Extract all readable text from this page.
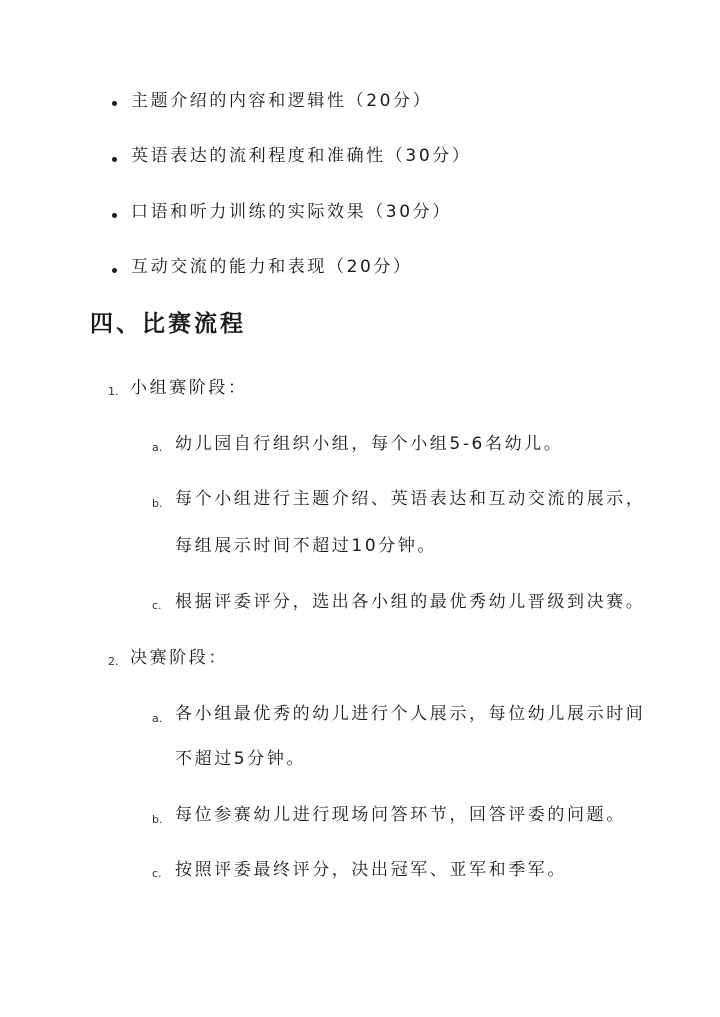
主题介绍的内容和逻辑性（20分）
英语表达的流利程度和准确性（30分）
口语和听力训练的实际效果（30分）
互动交流的能力和表现（20分）
四、比赛流程
1. 小组赛阶段：
a. 幼儿园自行组织小组，每个小组5-6名幼儿。
b. 每个小组进行主题介绍、英语表达和互动交流的展示，
每组展示时间不超过10分钟。
c. 根据评委评分，选出各小组的最优秀幼儿晋级到决赛。
2. 决赛阶段：
a. 各小组最优秀的幼儿进行个人展示，每位幼儿展示时间
不超过5分钟。
b. 每位参赛幼儿进行现场问答环节，回答评委的问题。
c. 按照评委最终评分，决出冠军、亚军和季军。
